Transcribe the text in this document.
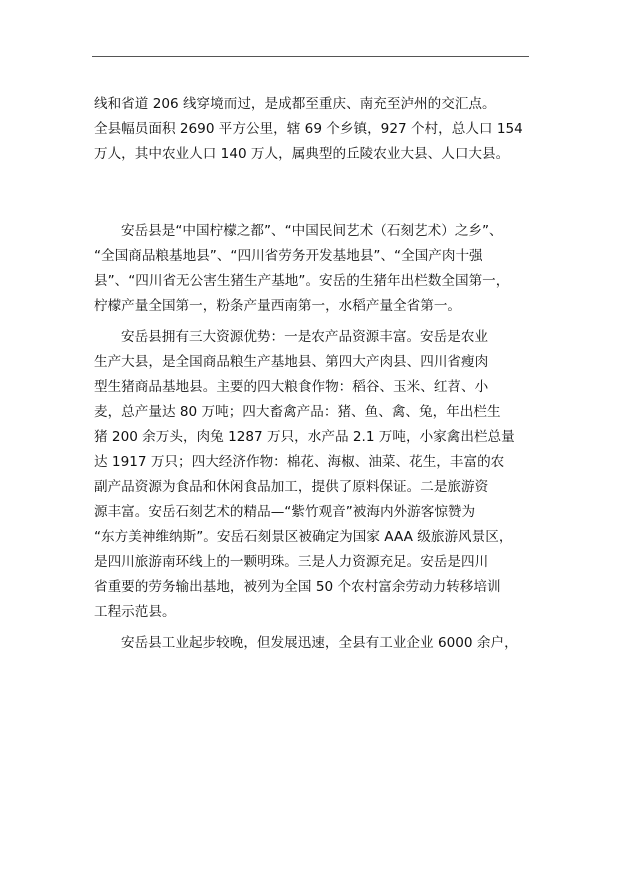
线和省道 206 线穿境而过，是成都至重庆、南充至泸州的交汇点。
全县幅员面积 2690 平方公里，辖 69 个乡镇，927 个村，总人口 154
万人，其中农业人口 140 万人，属典型的丘陵农业大县、人口大县。

安岳县是“中国柠檬之都”、“中国民间艺术（石刻艺术）之乡”、
“全国商品粮基地县”、“四川省劳务开发基地县”、“全国产肉十强
县”、“四川省无公害生猪生产基地”。安岳的生猪年出栏数全国第一，
柠檬产量全国第一，粉条产量西南第一，水稻产量全省第一。

安岳县拥有三大资源优势：一是农产品资源丰富。安岳是农业
生产大县，是全国商品粮生产基地县、第四大产肉县、四川省瘦肉
型生猪商品基地县。主要的四大粮食作物：稻谷、玉米、红苕、小
麦，总产量达 80 万吨；四大畜禽产品：猪、鱼、禽、兔，年出栏生
猪 200 余万头，肉兔 1287 万只，水产品 2.1 万吨，小家禽出栏总量
达 1917 万只；四大经济作物：棉花、海椒、油菜、花生，丰富的农
副产品资源为食品和休闲食品加工，提供了原料保证。二是旅游资
源丰富。安岳石刻艺术的精品—“紫竹观音”被海内外游客惊赞为
“东方美神维纳斯”。安岳石刻景区被确定为国家 AAA 级旅游风景区，
是四川旅游南环线上的一颗明珠。三是人力资源充足。安岳是四川
省重要的劳务输出基地，被列为全国 50 个农村富余劳动力转移培训
工程示范县。

安岳县工业起步较晚，但发展迅速，全县有工业企业 6000 余户，
